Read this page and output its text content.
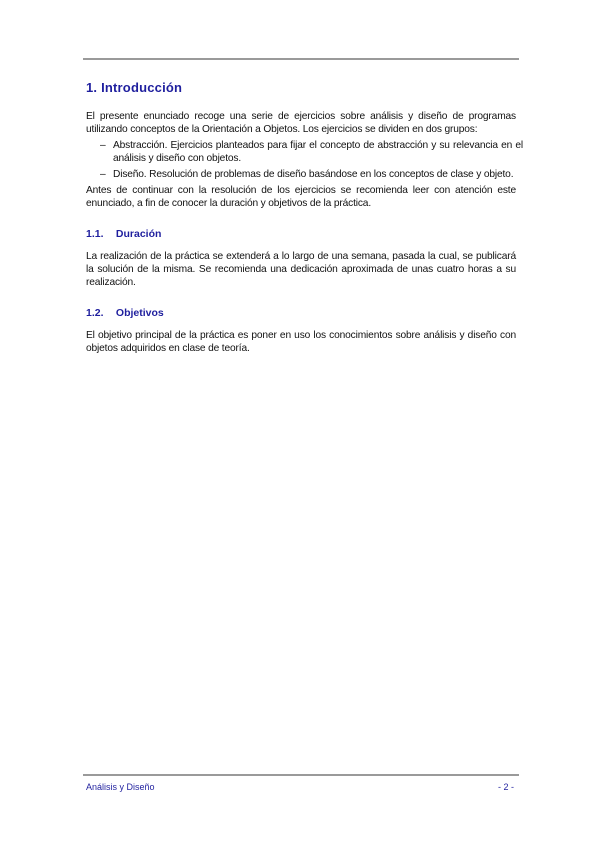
1. Introducción

El presente enunciado recoge una serie de ejercicios sobre análisis y diseño de programas utilizando conceptos de la Orientación a Objetos. Los ejercicios se dividen en dos grupos:

– Abstracción. Ejercicios planteados para fijar el concepto de abstracción y su relevancia en el análisis y diseño con objetos.
– Diseño. Resolución de problemas de diseño basándose en los conceptos de clase y objeto.

Antes de continuar con la resolución de los ejercicios se recomienda leer con atención este enunciado, a fin de conocer la duración y objetivos de la práctica.

1.1. Duración

La realización de la práctica se extenderá a lo largo de una semana, pasada la cual, se publicará la solución de la misma. Se recomienda una dedicación aproximada de unas cuatro horas a su realización.

1.2. Objetivos

El objetivo principal de la práctica es poner en uso los conocimientos sobre análisis y diseño con objetos adquiridos en clase de teoría.

Análisis y Diseño	- 2 -
